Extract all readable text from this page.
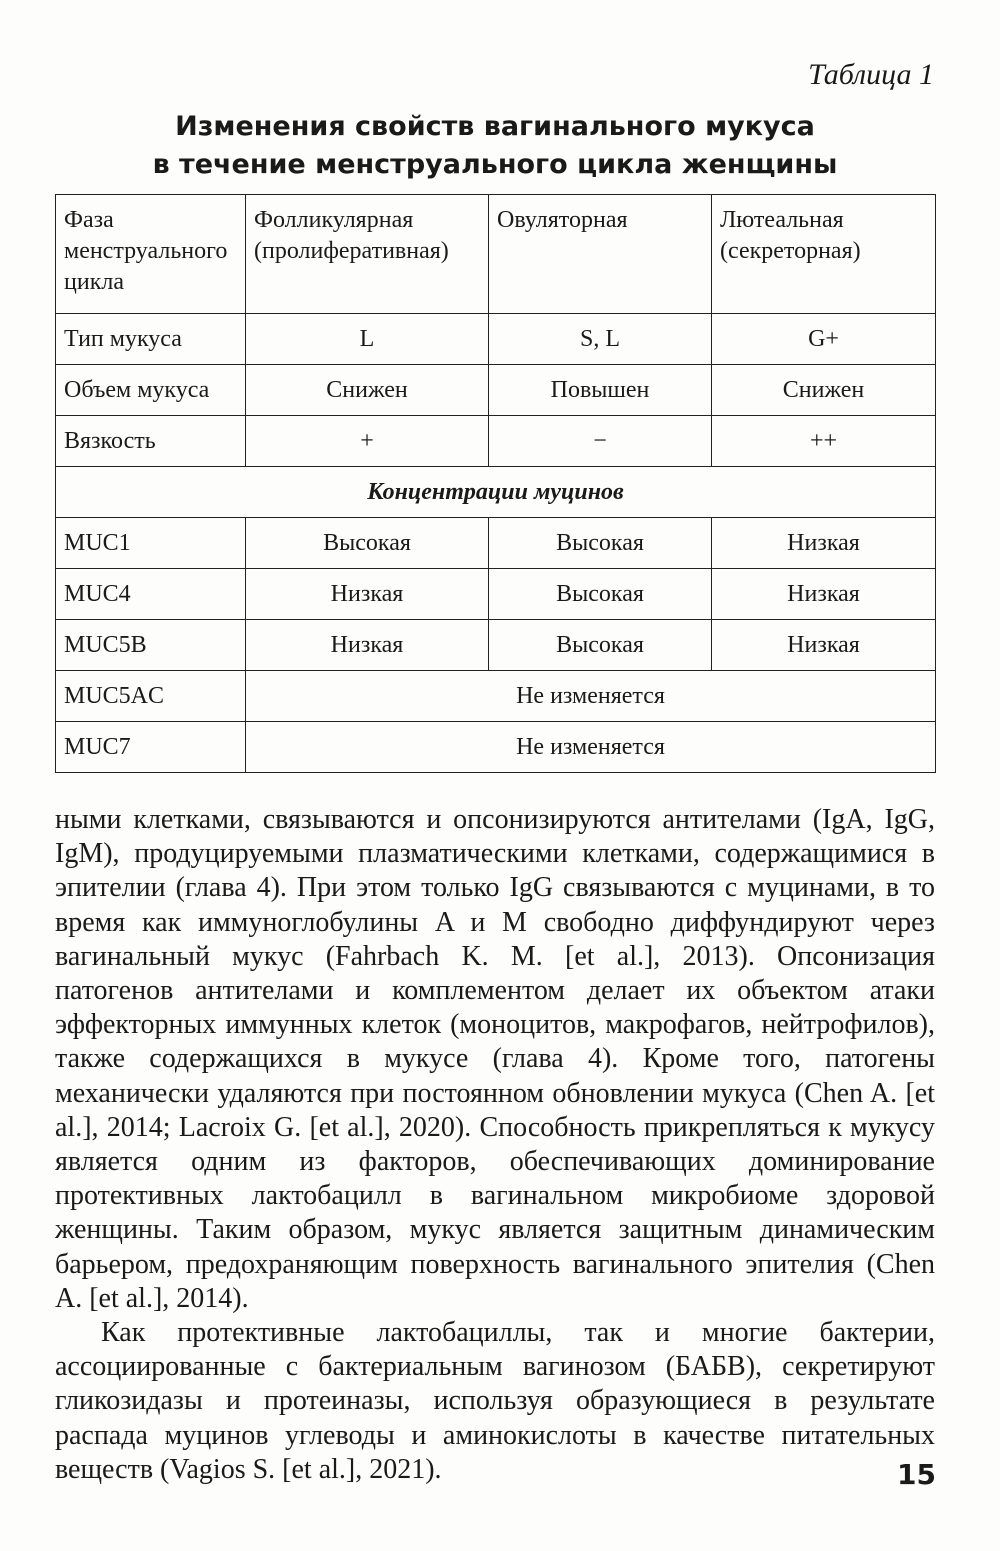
Таблица 1
Изменения свойств вагинального мукуса
в течение менструального цикла женщины
Фаза менструального цикла	Фолликулярная (пролиферативная)	Овуляторная	Лютеальная (секреторная)
Тип мукуса	L	S, L	G+
Объем мукуса	Снижен	Повышен	Снижен
Вязкость	+	−	++
Концентрации муцинов			
MUC1	Высокая	Высокая	Низкая
MUC4	Низкая	Высокая	Низкая
MUC5B	Низкая	Высокая	Низкая
MUC5AC	Не изменяется		
MUC7	Не изменяется		

ными клетками, связываются и опсонизируются антителами (IgA, IgG, IgM), продуцируемыми плазматическими клетками, содержащимися в эпителии (глава 4). При этом только IgG связываются с муцинами, в то время как иммуноглобулины A и M свободно диффундируют через вагинальный мукус (Fahrbach K. M. [et al.], 2013). Опсонизация патогенов антителами и комплементом делает их объектом атаки эффекторных иммунных клеток (моноцитов, макрофагов, нейтрофилов), также содержащихся в мукусе (глава 4). Кроме того, патогены механически удаляются при постоянном обновлении мукуса (Chen A. [et al.], 2014; Lacroix G. [et al.], 2020). Способность прикрепляться к мукусу является одним из факторов, обеспечивающих доминирование протективных лактобацилл в вагинальном микробиоме здоровой женщины. Таким образом, мукус является защитным динамическим барьером, предохраняющим поверхность вагинального эпителия (Chen A. [et al.], 2014).

Как протективные лактобациллы, так и многие бактерии, ассоциированные с бактериальным вагинозом (БАБВ), секретируют гликозидазы и протеиназы, используя образующиеся в результате распада муцинов углеводы и аминокислоты в качестве питательных веществ (Vagios S. [et al.], 2021).	15
